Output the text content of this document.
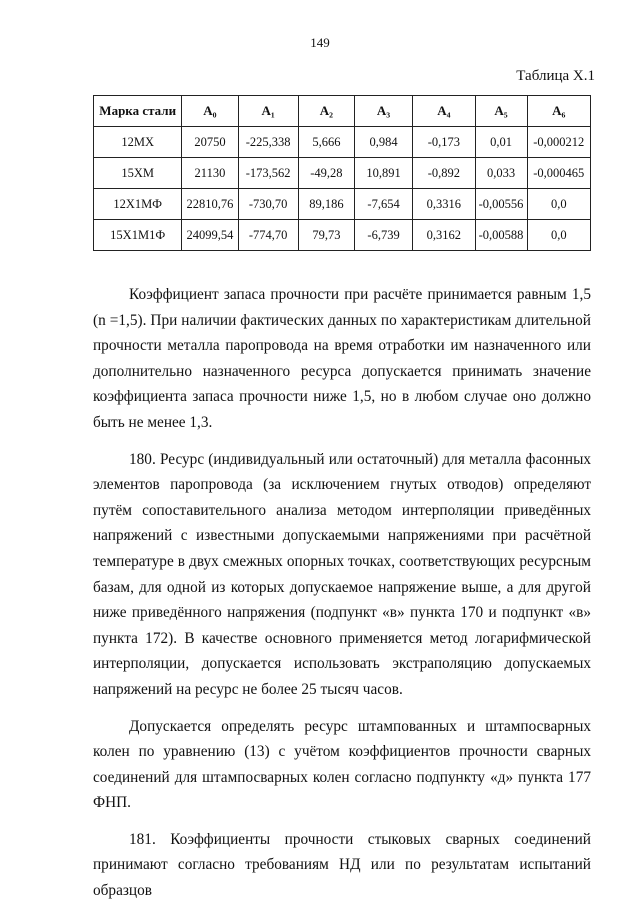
149
Таблица X.1
Марка стали	A₀	A₁	A₂	A₃	A₄	A₅	A₆
12МХ	20750	-225,338	5,666	0,984	-0,173	0,01	-0,000212
15ХМ	21130	-173,562	-49,28	10,891	-0,892	0,033	-0,000465
12Х1МФ	22810,76	-730,70	89,186	-7,654	0,3316	-0,00556	0,0
15Х1М1Ф	24099,54	-774,70	79,73	-6,739	0,3162	-0,00588	0,0

Коэффициент запаса прочности при расчёте принимается равным 1,5 (n =1,5). При наличии фактических данных по характеристикам длительной прочности металла паропровода на время отработки им назначенного или дополнительно назначенного ресурса допускается принимать значение коэффициента запаса прочности ниже 1,5, но в любом случае оно должно быть не менее 1,3.

180. Ресурс (индивидуальный или остаточный) для металла фасонных элементов паропровода (за исключением гнутых отводов) определяют путём сопоставительного анализа методом интерполяции приведённых напряжений с известными допускаемыми напряжениями при расчётной температуре в двух смежных опорных точках, соответствующих ресурсным базам, для одной из которых допускаемое напряжение выше, а для другой ниже приведённого напряжения (подпункт «в» пункта 170 и подпункт «в» пункта 172). В качестве основного применяется метод логарифмической интерполяции, допускается использовать экстраполяцию допускаемых напряжений на ресурс не более 25 тысяч часов.

Допускается определять ресурс штампованных и штампосварных колен по уравнению (13) с учётом коэффициентов прочности сварных соединений для штампосварных колен согласно подпункту «д» пункта 177 ФНП.

181. Коэффициенты прочности стыковых сварных соединений принимают согласно требованиям НД или по результатам испытаний образцов
